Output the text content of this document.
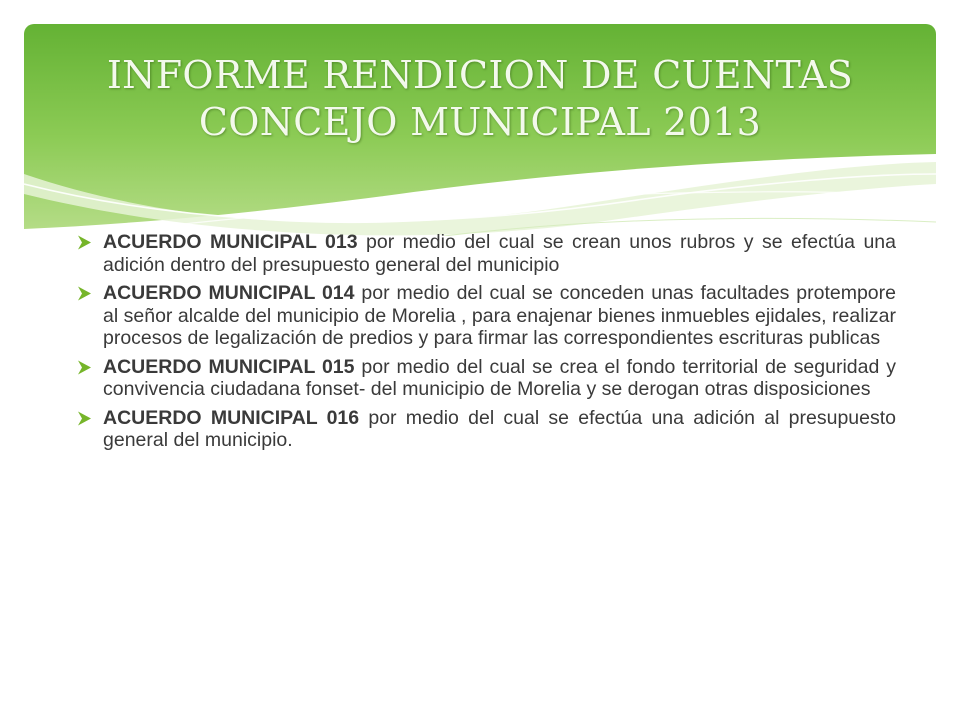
INFORME RENDICION DE CUENTAS
CONCEJO MUNICIPAL 2013
ACUERDO MUNICIPAL 013 por medio del cual se crean unos rubros y se efectúa una adición dentro del presupuesto general del municipio
ACUERDO MUNICIPAL 014 por medio del cual se conceden unas facultades protempore al señor alcalde del municipio de Morelia , para enajenar bienes inmuebles ejidales, realizar procesos de legalización de predios y para firmar las correspondientes escrituras publicas
ACUERDO MUNICIPAL 015 por medio del cual se crea el fondo territorial de seguridad y convivencia ciudadana fonset- del municipio de Morelia y se derogan otras disposiciones
ACUERDO MUNICIPAL 016 por medio del cual se efectúa una adición al presupuesto general del municipio.
